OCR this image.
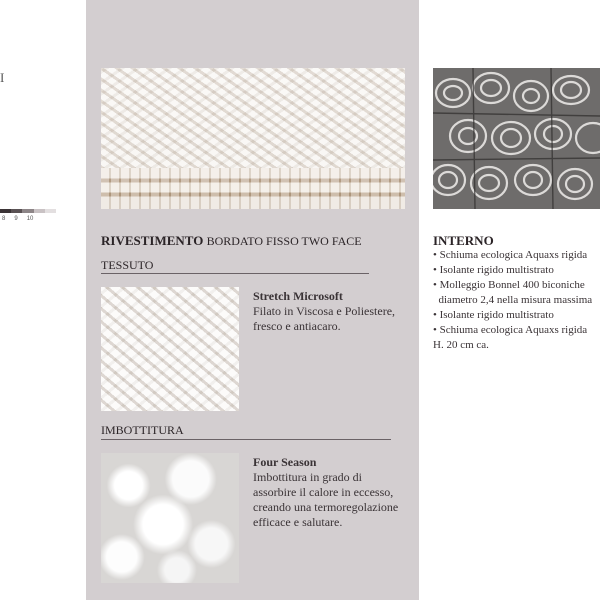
I
8 9 10
RIVESTIMENTO BORDATO FISSO TWO FACE
TESSUTO
Stretch Microsoft
Filato in Viscosa e Poliestere, fresco e antiacaro.
IMBOTTITURA
Four Season
Imbottitura in grado di assorbire il calore in eccesso, creando una termoregolazione efficace e salutare.
INTERNO
• Schiuma ecologica Aquaxs rigida
• Isolante rigido multistrato
• Molleggio Bonnel 400 biconiche
diametro 2,4 nella misura massima
• Isolante rigido multistrato
• Schiuma ecologica Aquaxs rigida
H. 20 cm ca.
